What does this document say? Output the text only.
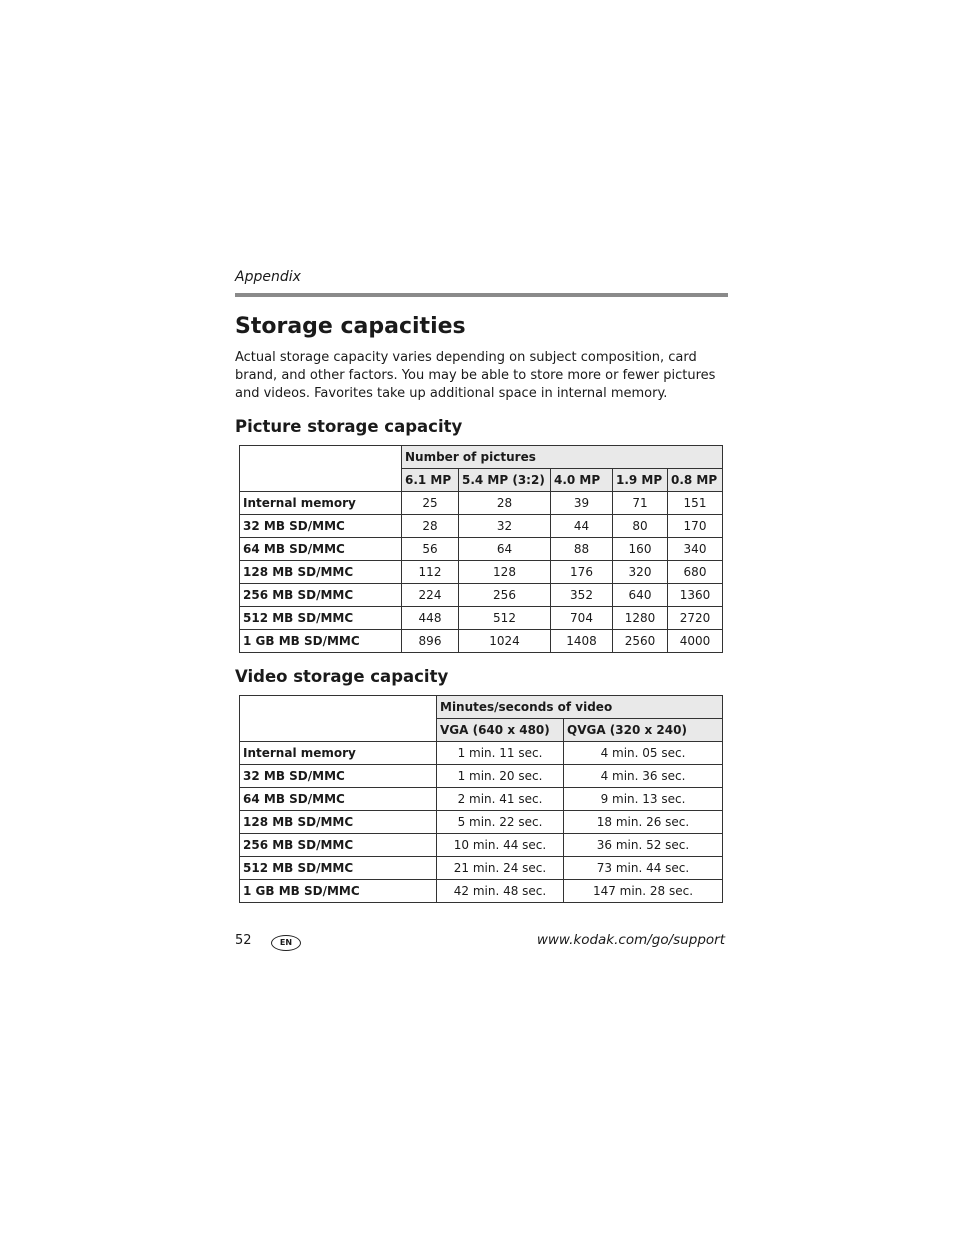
Appendix

Storage capacities

Actual storage capacity varies depending on subject composition, card brand, and other factors. You may be able to store more or fewer pictures and videos. Favorites take up additional space in internal memory.

Picture storage capacity
	Number of pictures				
	6.1 MP	5.4 MP (3:2)	4.0 MP	1.9 MP	0.8 MP
Internal memory	25	28	39	71	151
32 MB SD/MMC	28	32	44	80	170
64 MB SD/MMC	56	64	88	160	340
128 MB SD/MMC	112	128	176	320	680
256 MB SD/MMC	224	256	352	640	1360
512 MB SD/MMC	448	512	704	1280	2720
1 GB MB SD/MMC	896	1024	1408	2560	4000
Video storage capacity
	Minutes/seconds of video	
	VGA (640 x 480)	QVGA (320 x 240)
Internal memory	1 min. 11 sec.	4 min. 05 sec.
32 MB SD/MMC	1 min. 20 sec.	4 min. 36 sec.
64 MB SD/MMC	2 min. 41 sec.	9 min. 13 sec.
128 MB SD/MMC	5 min. 22 sec.	18 min. 26 sec.
256 MB SD/MMC	10 min. 44 sec.	36 min. 52 sec.
512 MB SD/MMC	21 min. 24 sec.	73 min. 44 sec.
1 GB MB SD/MMC	42 min. 48 sec.	147 min. 28 sec.
52	EN	www.kodak.com/go/support
